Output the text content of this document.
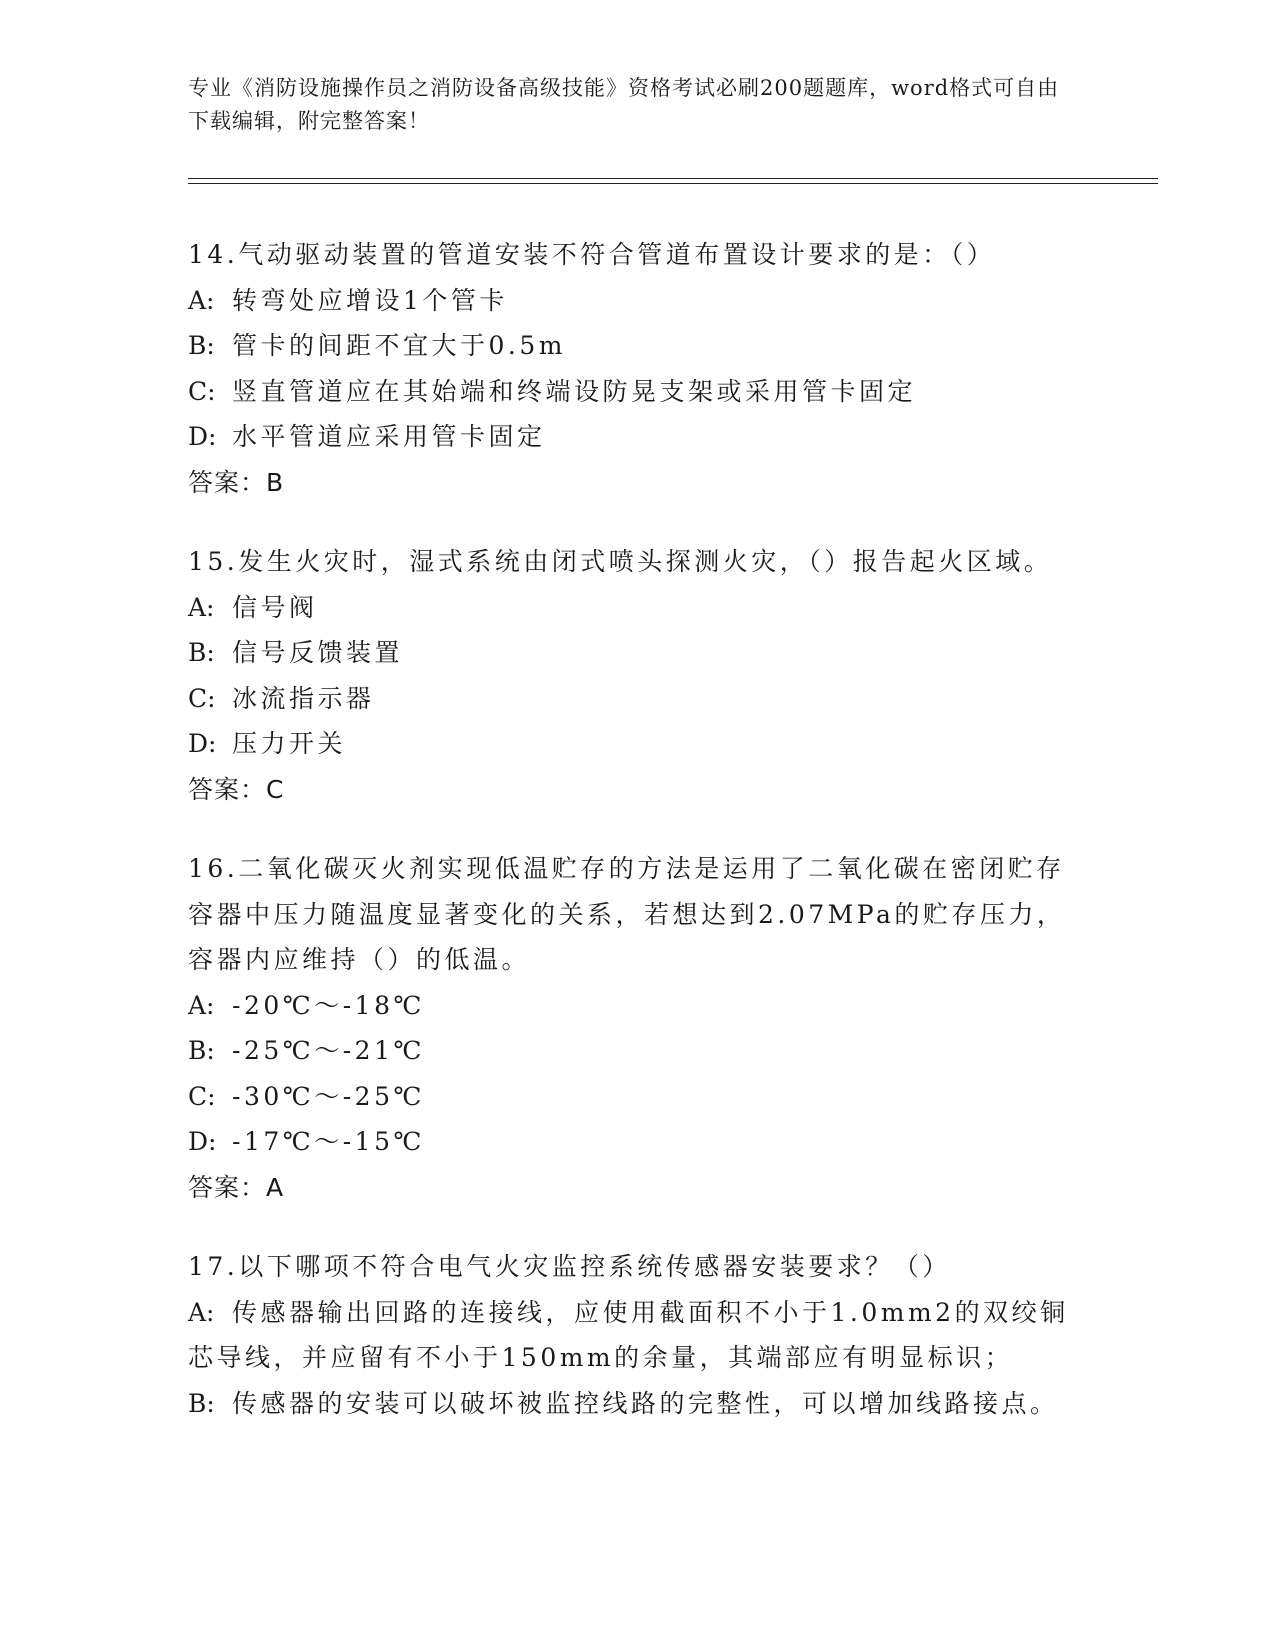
专业《消防设施操作员之消防设备高级技能》资格考试必刷200题题库，word格式可自由下载编辑，附完整答案！
14.气动驱动装置的管道安装不符合管道布置设计要求的是：（）
A: 转弯处应增设1个管卡
B: 管卡的间距不宜大于0.5m
C: 竖直管道应在其始端和终端设防晃支架或采用管卡固定
D: 水平管道应采用管卡固定
答案：B
15.发生火灾时，湿式系统由闭式喷头探测火灾，（）报告起火区域。
A: 信号阀
B: 信号反馈装置
C: 冰流指示器
D: 压力开关
答案：C
16.二氧化碳灭火剂实现低温贮存的方法是运用了二氧化碳在密闭贮存容器中压力随温度显著变化的关系，若想达到2.07MPa的贮存压力，容器内应维持（）的低温。
A: -20℃～-18℃
B: -25℃～-21℃
C: -30℃～-25℃
D: -17℃～-15℃
答案：A
17.以下哪项不符合电气火灾监控系统传感器安装要求？（）
A: 传感器输出回路的连接线，应使用截面积不小于1.0mm2的双绞铜芯导线，并应留有不小于150mm的余量，其端部应有明显标识；
B: 传感器的安装可以破坏被监控线路的完整性，可以增加线路接点。
